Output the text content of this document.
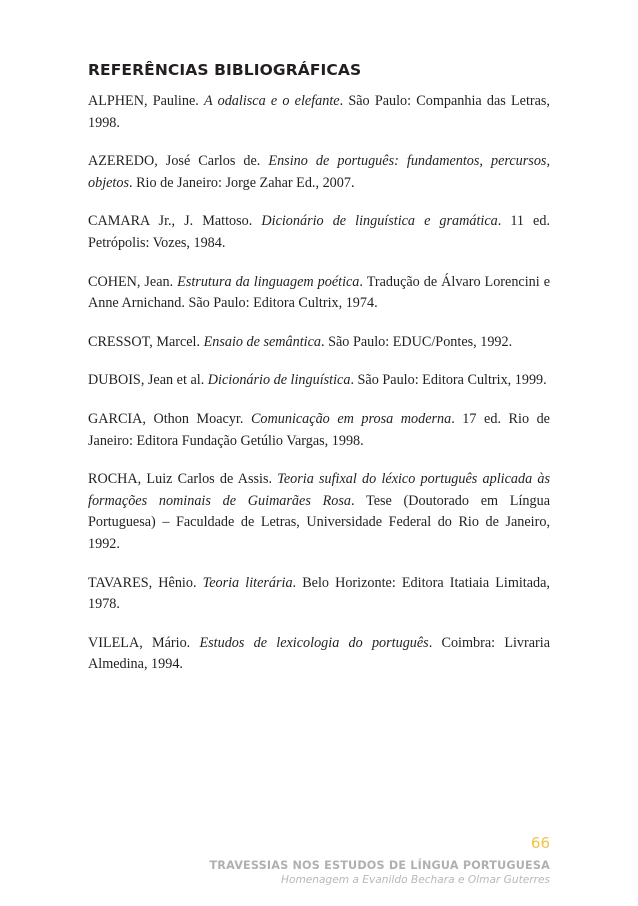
REFERÊNCIAS BIBLIOGRÁFICAS

ALPHEN, Pauline. A odalisca e o elefante. São Paulo: Companhia das Letras, 1998.

AZEREDO, José Carlos de. Ensino de português: fundamentos, percursos, objetos. Rio de Janeiro: Jorge Zahar Ed., 2007.

CAMARA Jr., J. Mattoso. Dicionário de linguística e gramática. 11 ed. Petrópolis: Vozes, 1984.

COHEN, Jean. Estrutura da linguagem poética. Tradução de Álvaro Lorencini e Anne Arnichand. São Paulo: Editora Cultrix, 1974.

CRESSOT, Marcel. Ensaio de semântica. São Paulo: EDUC/Pontes, 1992.

DUBOIS, Jean et al. Dicionário de linguística. São Paulo: Editora Cultrix, 1999.

GARCIA, Othon Moacyr. Comunicação em prosa moderna. 17 ed. Rio de Janeiro: Editora Fundação Getúlio Vargas, 1998.

ROCHA, Luiz Carlos de Assis. Teoria sufixal do léxico português aplicada às formações nominais de Guimarães Rosa. Tese (Doutorado em Língua Portuguesa) – Faculdade de Letras, Universidade Federal do Rio de Janeiro, 1992.

TAVARES, Hênio. Teoria literária. Belo Horizonte: Editora Itatiaia Limitada, 1978.

VILELA, Mário. Estudos de lexicologia do português. Coimbra: Livraria Almedina, 1994.

66
TRAVESSIAS NOS ESTUDOS DE LÍNGUA PORTUGUESA
Homenagem a Evanildo Bechara e Olmar Guterres
